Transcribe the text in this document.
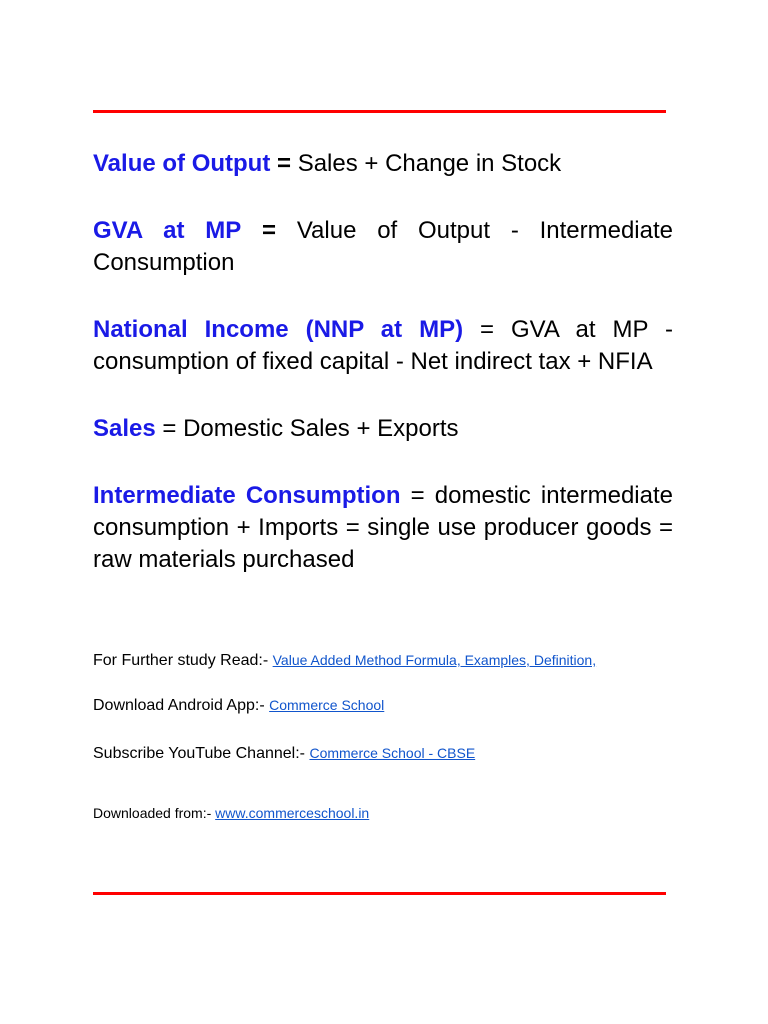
Value of Output = Sales + Change in Stock

GVA at MP = Value of Output - Intermediate Consumption

National Income (NNP at MP) = GVA at MP - consumption of fixed capital - Net indirect tax + NFIA

Sales = Domestic Sales + Exports

Intermediate Consumption = domestic intermediate consumption + Imports = single use producer goods = raw materials purchased

For Further study Read:- Value Added Method Formula, Examples, Definition,

Download Android App:- Commerce School

Subscribe YouTube Channel:- Commerce School - CBSE

Downloaded from:- www.commerceschool.in
